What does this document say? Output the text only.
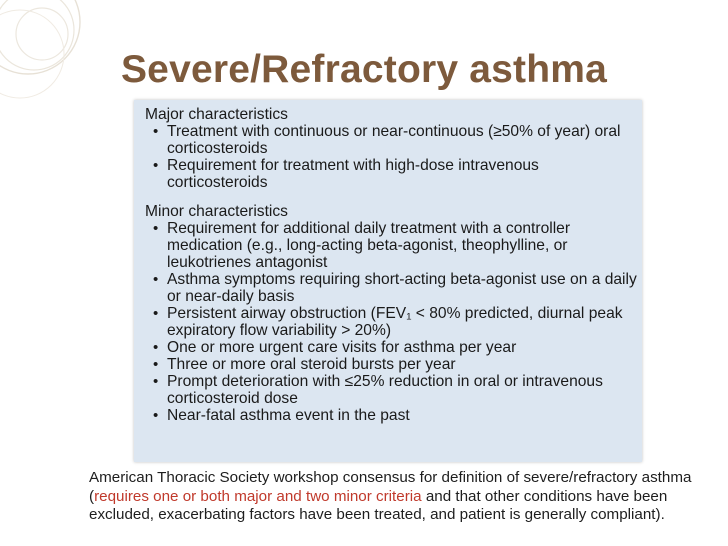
Severe/Refractory asthma

Major characteristics

• Treatment with continuous or near-continuous (≥50% of year) oral corticosteroids
• Requirement for treatment with high-dose intravenous corticosteroids

Minor characteristics

• Requirement for additional daily treatment with a controller medication (e.g., long-acting beta-agonist, theophylline, or leukotrienes antagonist
• Asthma symptoms requiring short-acting beta-agonist use on a daily or near-daily basis
• Persistent airway obstruction (FEV₁ < 80% predicted, diurnal peak expiratory flow variability > 20%)
• One or more urgent care visits for asthma per year
• Three or more oral steroid bursts per year
• Prompt deterioration with ≤25% reduction in oral or intravenous corticosteroid dose
• Near-fatal asthma event in the past
American Thoracic Society workshop consensus for definition of severe/refractory asthma (requires one or both major and two minor criteria and that other conditions have been excluded, exacerbating factors have been treated, and patient is generally compliant).
